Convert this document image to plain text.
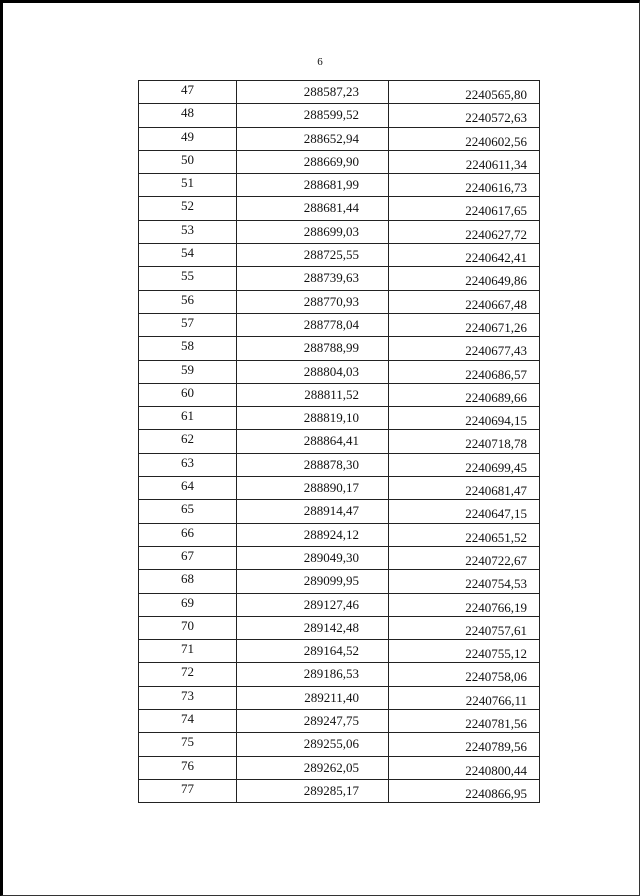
6
47	288587,23	2240565,80
48	288599,52	2240572,63
49	288652,94	2240602,56
50	288669,90	2240611,34
51	288681,99	2240616,73
52	288681,44	2240617,65
53	288699,03	2240627,72
54	288725,55	2240642,41
55	288739,63	2240649,86
56	288770,93	2240667,48
57	288778,04	2240671,26
58	288788,99	2240677,43
59	288804,03	2240686,57
60	288811,52	2240689,66
61	288819,10	2240694,15
62	288864,41	2240718,78
63	288878,30	2240699,45
64	288890,17	2240681,47
65	288914,47	2240647,15
66	288924,12	2240651,52
67	289049,30	2240722,67
68	289099,95	2240754,53
69	289127,46	2240766,19
70	289142,48	2240757,61
71	289164,52	2240755,12
72	289186,53	2240758,06
73	289211,40	2240766,11
74	289247,75	2240781,56
75	289255,06	2240789,56
76	289262,05	2240800,44
77	289285,17	2240866,95
